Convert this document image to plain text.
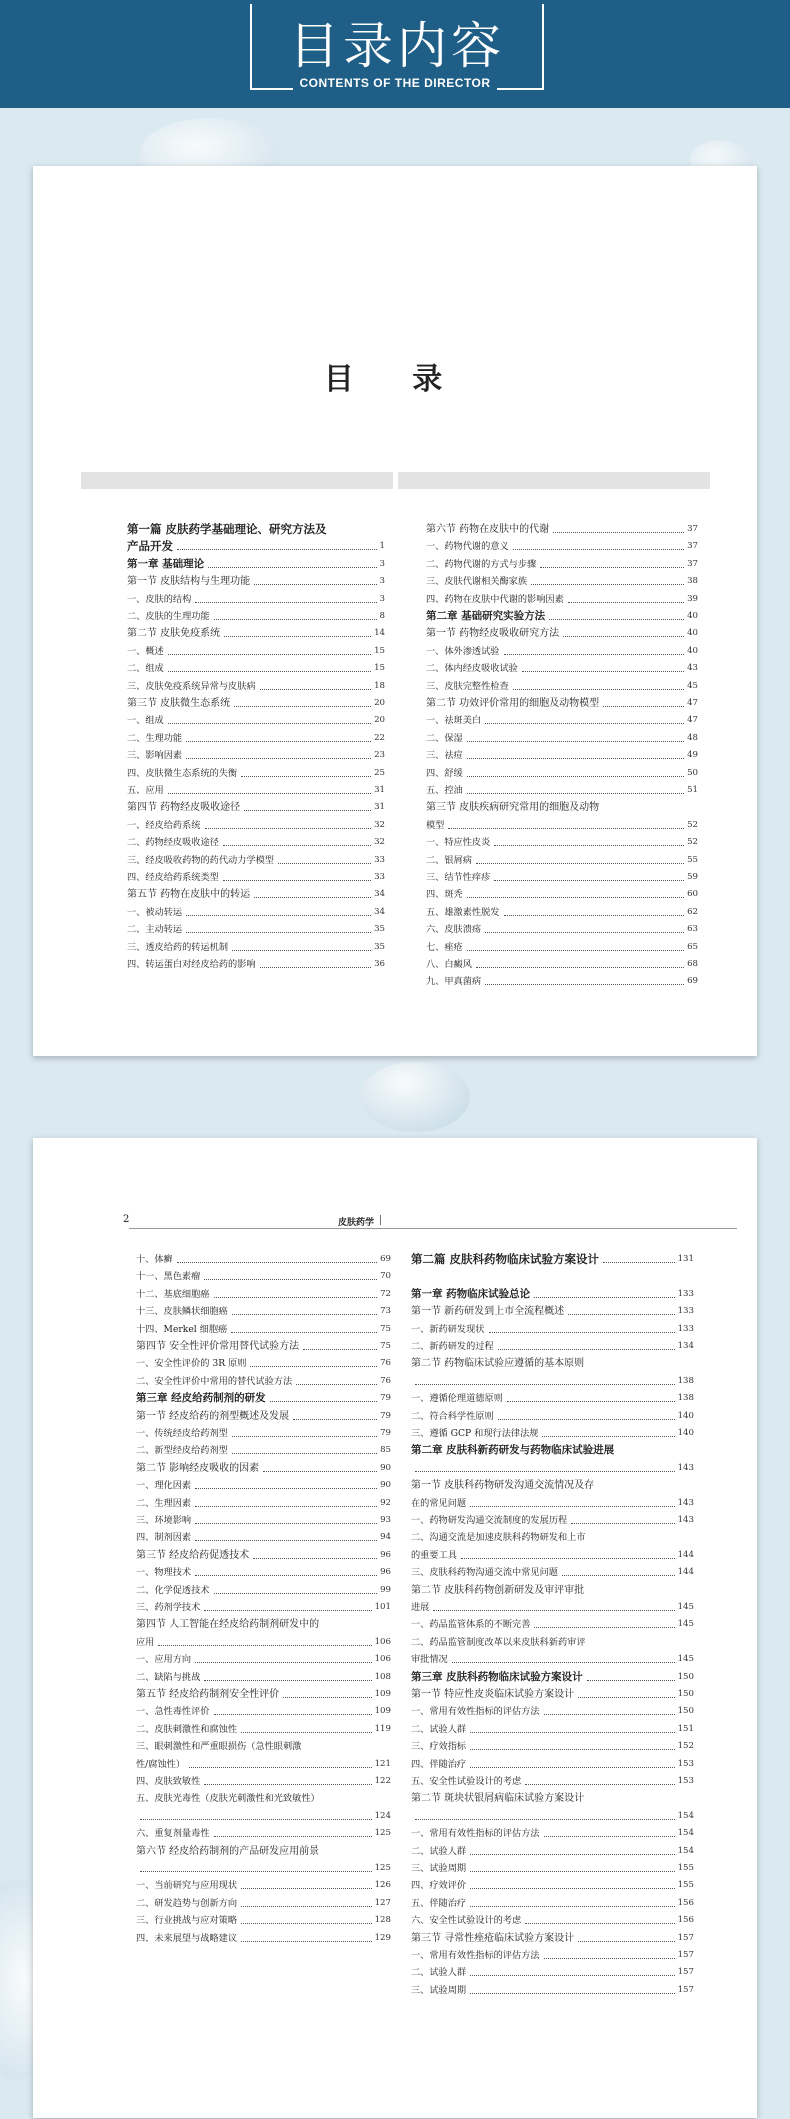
目录内容
CONTENTS OF THE DIRECTOR
目 录
第一篇 皮肤药学基础理论、研究方法及
产品开发	1
第一章 基础理论	3
第一节 皮肤结构与生理功能	3
一、皮肤的结构	3
二、皮肤的生理功能	8
第二节 皮肤免疫系统	14
一、概述	15
二、组成	15
三、皮肤免疫系统异常与皮肤病	18
第三节 皮肤微生态系统	20
一、组成	20
二、生理功能	22
三、影响因素	23
四、皮肤微生态系统的失衡	25
五、应用	31
第四节 药物经皮吸收途径	31
一、经皮给药系统	32
二、药物经皮吸收途径	32
三、经皮吸收药物的药代动力学模型	33
四、经皮给药系统类型	33
第五节 药物在皮肤中的转运	34
一、被动转运	34
二、主动转运	35
三、透皮给药的转运机制	35
四、转运蛋白对经皮给药的影响	36
第六节 药物在皮肤中的代谢	37
一、药物代谢的意义	37
二、药物代谢的方式与步骤	37
三、皮肤代谢相关酶家族	38
四、药物在皮肤中代谢的影响因素	39
第二章 基础研究实验方法	40
第一节 药物经皮吸收研究方法	40
一、体外渗透试验	40
二、体内经皮吸收试验	43
三、皮肤完整性检查	45
第二节 功效评价常用的细胞及动物模型	47
一、祛斑美白	47
二、保湿	48
三、祛痘	49
四、舒缓	50
五、控油	51
第三节 皮肤疾病研究常用的细胞及动物
模型	52
一、特应性皮炎	52
二、银屑病	55
三、结节性痒疹	59
四、斑秃	60
五、雄激素性脱发	62
六、皮肤溃疡	63
七、痤疮	65
八、白癜风	68
九、甲真菌病	69
2	皮肤药学
十、体癣	69
十一、黑色素瘤	70
十二、基底细胞癌	72
十三、皮肤鳞状细胞癌	73
十四、Merkel 细胞癌	75
第四节 安全性评价常用替代试验方法	75
一、安全性评价的 3R 原则	76
二、安全性评价中常用的替代试验方法	76
第三章 经皮给药制剂的研发	79
第一节 经皮给药的剂型概述及发展	79
一、传统经皮给药剂型	79
二、新型经皮给药剂型	85
第二节 影响经皮吸收的因素	90
一、理化因素	90
二、生理因素	92
三、环境影响	93
四、制剂因素	94
第三节 经皮给药促透技术	96
一、物理技术	96
二、化学促透技术	99
三、药剂学技术	101
第四节 人工智能在经皮给药制剂研发中的
应用	106
一、应用方向	106
二、缺陷与挑战	108
第五节 经皮给药制剂安全性评价	109
一、急性毒性评价	109
二、皮肤刺激性和腐蚀性	119
三、眼刺激性和严重眼损伤（急性眼刺激
性/腐蚀性）	121
四、皮肤致敏性	122
五、皮肤光毒性（皮肤光刺激性和光致敏性）
124
六、重复剂量毒性	125
第六节 经皮给药制剂的产品研发应用前景
125
一、当前研究与应用现状	126
二、研发趋势与创新方向	127
三、行业挑战与应对策略	128
四、未来展望与战略建议	129
第二篇 皮肤科药物临床试验方案设计	131
第一章 药物临床试验总论	133
第一节 新药研发到上市全流程概述	133
一、新药研发现状	133
二、新药研发的过程	134
第二节 药物临床试验应遵循的基本原则
138
一、遵循伦理道德原则	138
二、符合科学性原则	140
三、遵循 GCP 和现行法律法规	140
第二章 皮肤科新药研发与药物临床试验进展
143
第一节 皮肤科药物研发沟通交流情况及存
在的常见问题	143
一、药物研发沟通交流制度的发展历程	143
二、沟通交流是加速皮肤科药物研发和上市
的重要工具	144
三、皮肤科药物沟通交流中常见问题	144
第二节 皮肤科药物创新研发及审评审批
进展	145
一、药品监管体系的不断完善	145
二、药品监管制度改革以来皮肤科新药审评
审批情况	145
第三章 皮肤科药物临床试验方案设计	150
第一节 特应性皮炎临床试验方案设计	150
一、常用有效性指标的评估方法	150
二、试验人群	151
三、疗效指标	152
四、伴随治疗	153
五、安全性试验设计的考虑	153
第二节 斑块状银屑病临床试验方案设计
154
一、常用有效性指标的评估方法	154
二、试验人群	154
三、试验周期	155
四、疗效评价	155
五、伴随治疗	156
六、安全性试验设计的考虑	156
第三节 寻常性痤疮临床试验方案设计	157
一、常用有效性指标的评估方法	157
二、试验人群	157
三、试验周期	157
